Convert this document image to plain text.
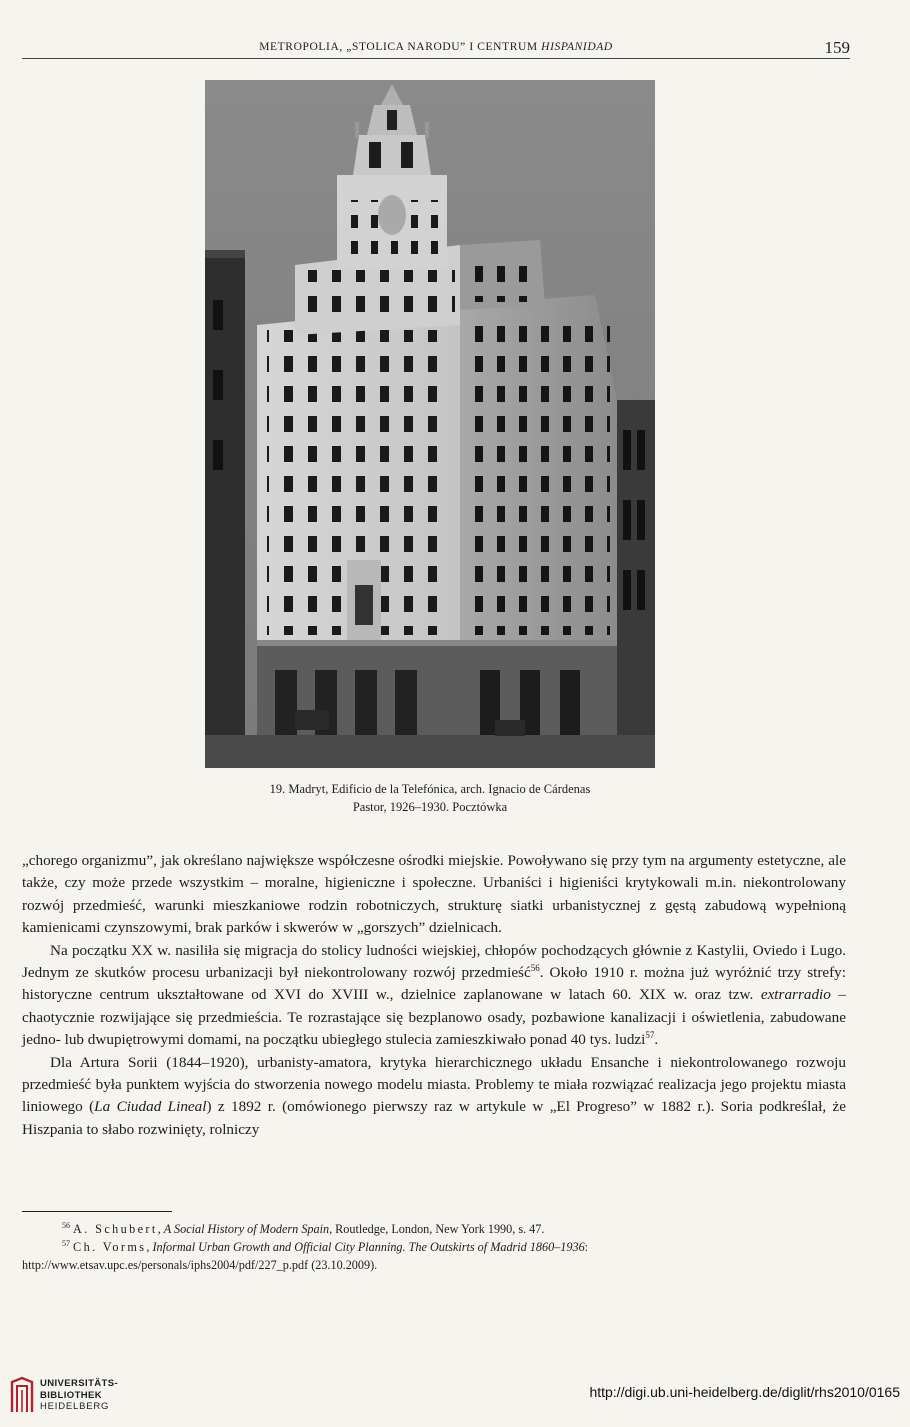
METROPOLIA, „STOLICA NARODU” I CENTRUM HISPANIDAD	159
19. Madryt, Edificio de la Telefónica, arch. Ignacio de Cárdenas
Pastor, 1926–1930. Pocztówka

„chorego organizmu”, jak określano największe współczesne ośrodki miejskie. Powoływano się przy tym na argumenty estetyczne, ale także, czy może przede wszystkim – moralne, higieniczne i społeczne. Urbaniści i higieniści krytykowali m.in. niekontrolowany rozwój przedmieść, warunki mieszkaniowe rodzin robotniczych, strukturę siatki urbanistycznej z gęstą zabudową wypełnioną kamienicami czynszowymi, brak parków i skwerów w „gorszych” dzielnicach.

Na początku XX w. nasiliła się migracja do stolicy ludności wiejskiej, chłopów pochodzących głównie z Kastylii, Oviedo i Lugo. Jednym ze skutków procesu urbanizacji był niekontrolowany rozwój przedmieść$^{56}$. Około 1910 r. można już wyróżnić trzy strefy: historyczne centrum ukształtowane od XVI do XVIII w., dzielnice zaplanowane w latach 60. XIX w. oraz tzw. extrarradio – chaotycznie rozwijające się przedmieścia. Te rozrastające się bezplanowo osady, pozbawione kanalizacji i oświetlenia, zabudowane jedno- lub dwupiętrowymi domami, na początku ubiegłego stulecia zamieszkiwało ponad 40 tys. ludzi$^{57}$.

Dla Artura Sorii (1844–1920), urbanisty-amatora, krytyka hierarchicznego układu Ensanche i niekontrolowanego rozwoju przedmieść była punktem wyjścia do stworzenia nowego modelu miasta. Problemy te miała rozwiązać realizacja jego projektu miasta liniowego (La Ciudad Lineal) z 1892 r. (omówionego pierwszy raz w artykule w „El Progreso” w 1882 r.). Soria podkreślał, że Hiszpania to słabo rozwinięty, rolniczy

$^{56}$ A. Schubert, A Social History of Modern Spain, Routledge, London, New York 1990, s. 47.

$^{57}$ Ch. Vorms, Informal Urban Growth and Official City Planning. The Outskirts of Madrid 1860–1936: http://www.etsav.upc.es/personals/iphs2004/pdf/227_p.pdf (23.10.2009).

UNIVERSITÄTS-
BIBLIOTHEK
HEIDELBERG
http://digi.ub.uni-heidelberg.de/diglit/rhs2010/0165
